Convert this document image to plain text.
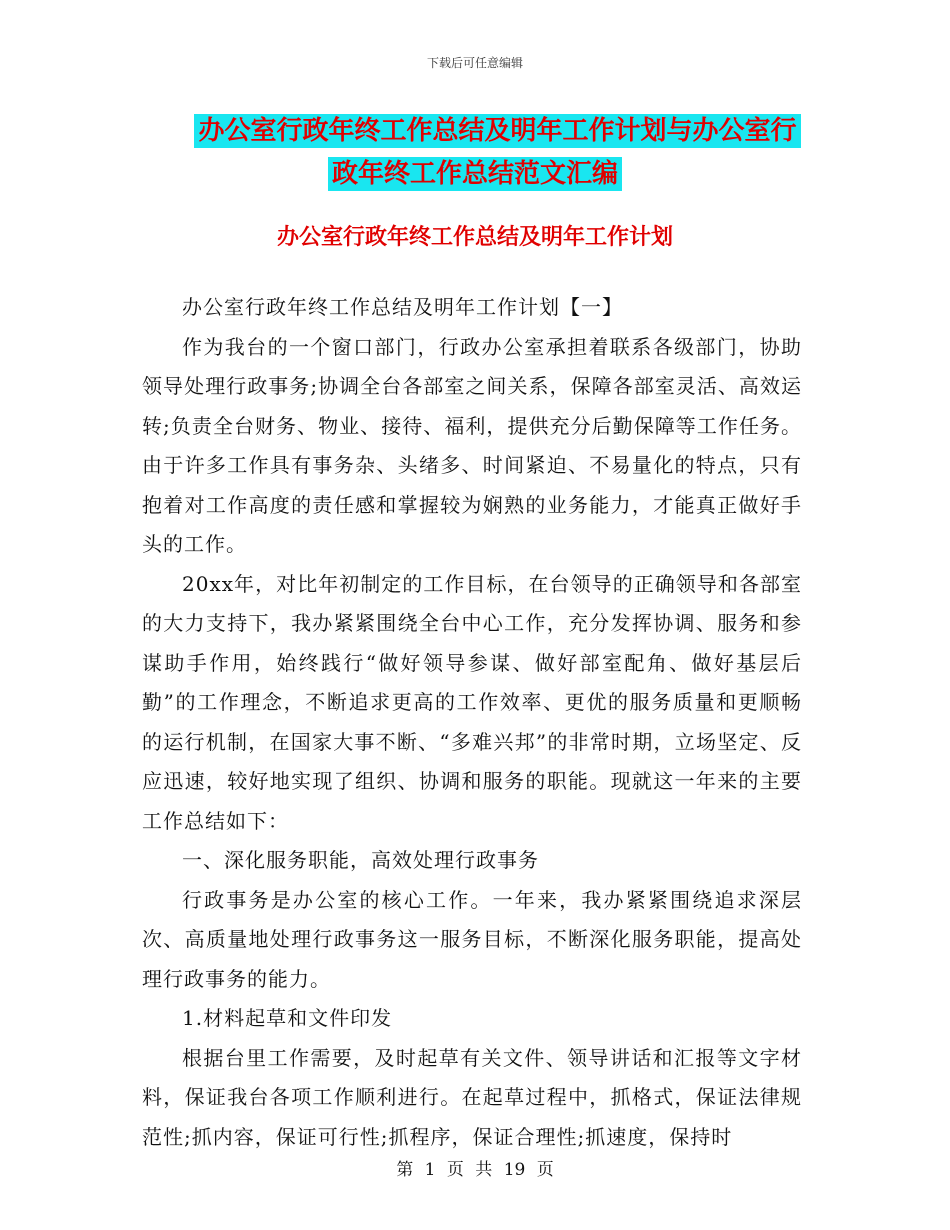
下载后可任意编辑
办公室行政年终工作总结及明年工作计划与办公室行
政年终工作总结范文汇编
办公室行政年终工作总结及明年工作计划

办公室行政年终工作总结及明年工作计划【一】

作为我台的一个窗口部门，行政办公室承担着联系各级部门，协助领导处理行政事务;协调全台各部室之间关系，保障各部室灵活、高效运转;负责全台财务、物业、接待、福利，提供充分后勤保障等工作任务。由于许多工作具有事务杂、头绪多、时间紧迫、不易量化的特点，只有抱着对工作高度的责任感和掌握较为娴熟的业务能力，才能真正做好手头的工作。

20xx年，对比年初制定的工作目标，在台领导的正确领导和各部室的大力支持下，我办紧紧围绕全台中心工作，充分发挥协调、服务和参谋助手作用，始终践行“做好领导参谋、做好部室配角、做好基层后勤”的工作理念，不断追求更高的工作效率、更优的服务质量和更顺畅的运行机制，在国家大事不断、“多难兴邦”的非常时期，立场坚定、反应迅速，较好地实现了组织、协调和服务的职能。现就这一年来的主要工作总结如下：

一、深化服务职能，高效处理行政事务

行政事务是办公室的核心工作。一年来，我办紧紧围绕追求深层次、高质量地处理行政事务这一服务目标，不断深化服务职能，提高处理行政事务的能力。

1.材料起草和文件印发

根据台里工作需要，及时起草有关文件、领导讲话和汇报等文字材料，保证我台各项工作顺利进行。在起草过程中，抓格式，保证法律规范性;抓内容，保证可行性;抓程序，保证合理性;抓速度，保持时

第 1 页 共 19 页
